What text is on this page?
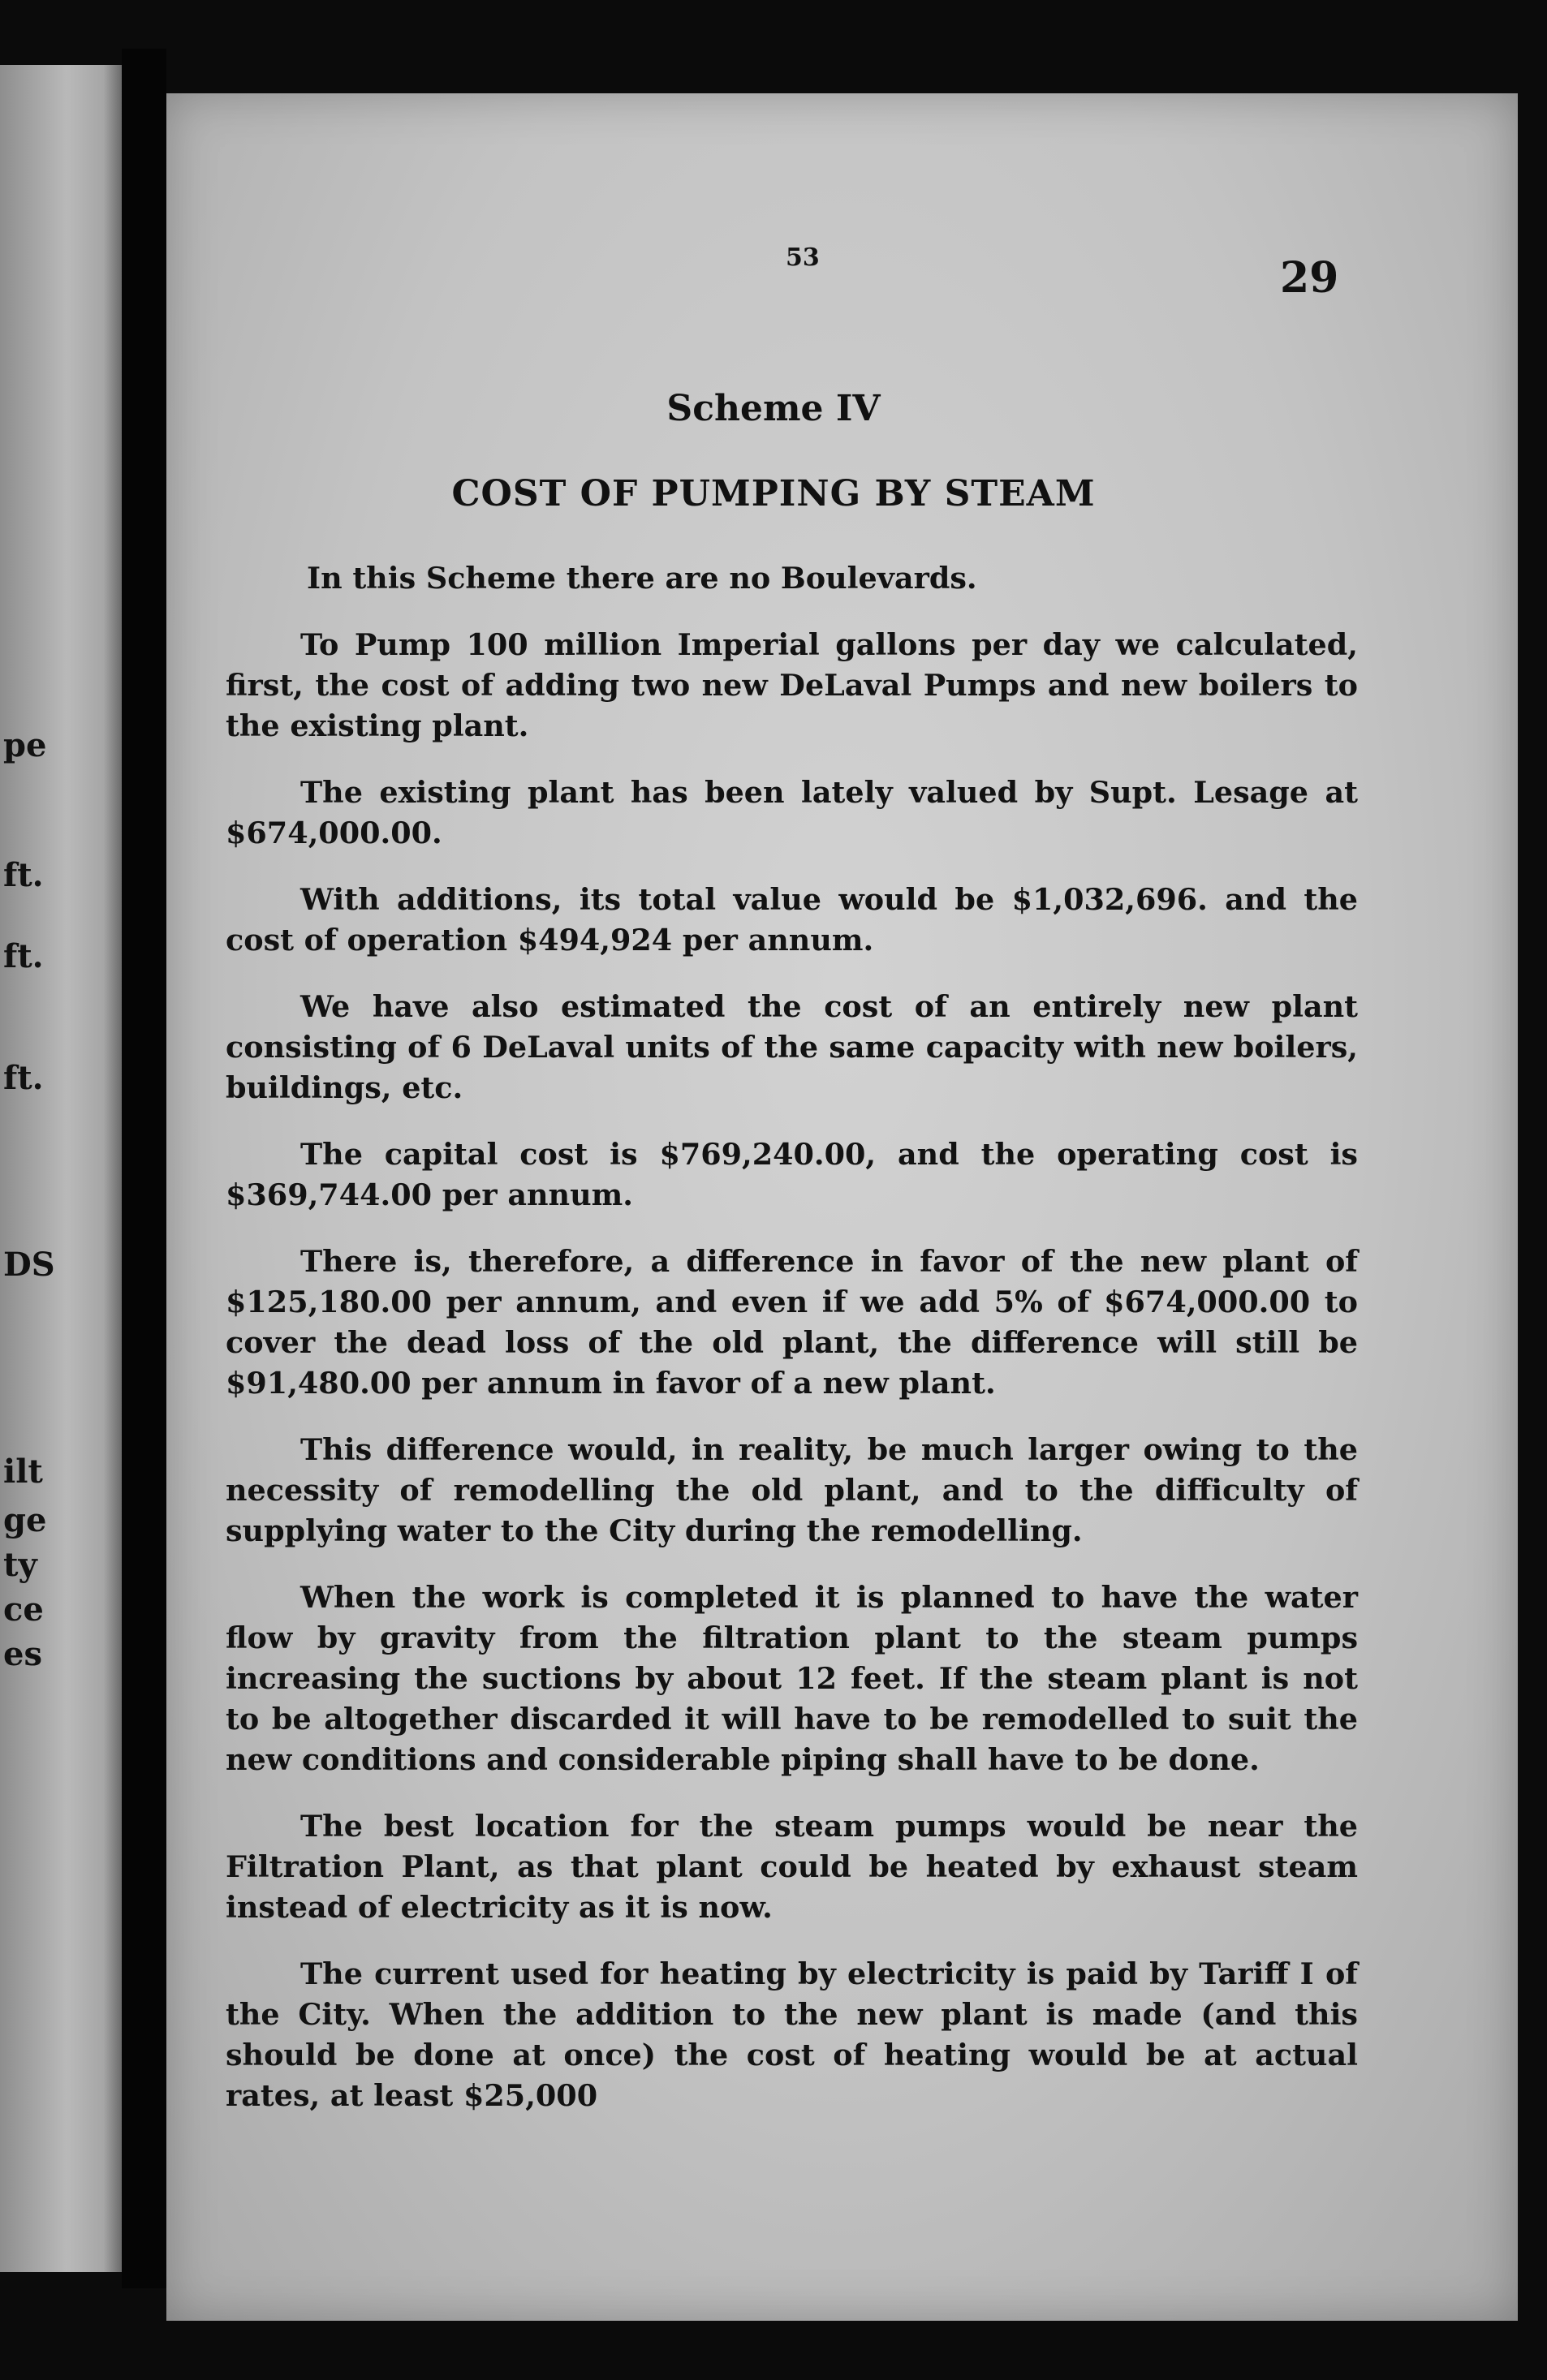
pe
ft.
ft.
ft.
DS
ilt
ge
ty
ce
es
53	29
Scheme IV
COST OF PUMPING BY STEAM

In this Scheme there are no Boulevards.

To Pump 100 million Imperial gallons per day we calculated, first, the cost of adding two new DeLaval Pumps and new boilers to the existing plant.

The existing plant has been lately valued by Supt. Lesage at $674,000.00.

With additions, its total value would be $1,032,696. and the cost of operation $494,924 per annum.

We have also estimated the cost of an entirely new plant consisting of 6 DeLaval units of the same capacity with new boilers, buildings, etc.

The capital cost is $769,240.00, and the operating cost is $369,744.00 per annum.

There is, therefore, a difference in favor of the new plant of $125,180.00 per annum, and even if we add 5% of $674,000.00 to cover the dead loss of the old plant, the difference will still be $91,480.00 per annum in favor of a new plant.

This difference would, in reality, be much larger owing to the necessity of remodelling the old plant, and to the difficulty of supplying water to the City during the remodelling.

When the work is completed it is planned to have the water flow by gravity from the filtration plant to the steam pumps increasing the suctions by about 12 feet. If the steam plant is not to be altogether discarded it will have to be remodelled to suit the new conditions and considerable piping shall have to be done.

The best location for the steam pumps would be near the Filtration Plant, as that plant could be heated by exhaust steam instead of electricity as it is now.

The current used for heating by electricity is paid by Tariff I of the City. When the addition to the new plant is made (and this should be done at once) the cost of heating would be at actual rates, at least $25,000
